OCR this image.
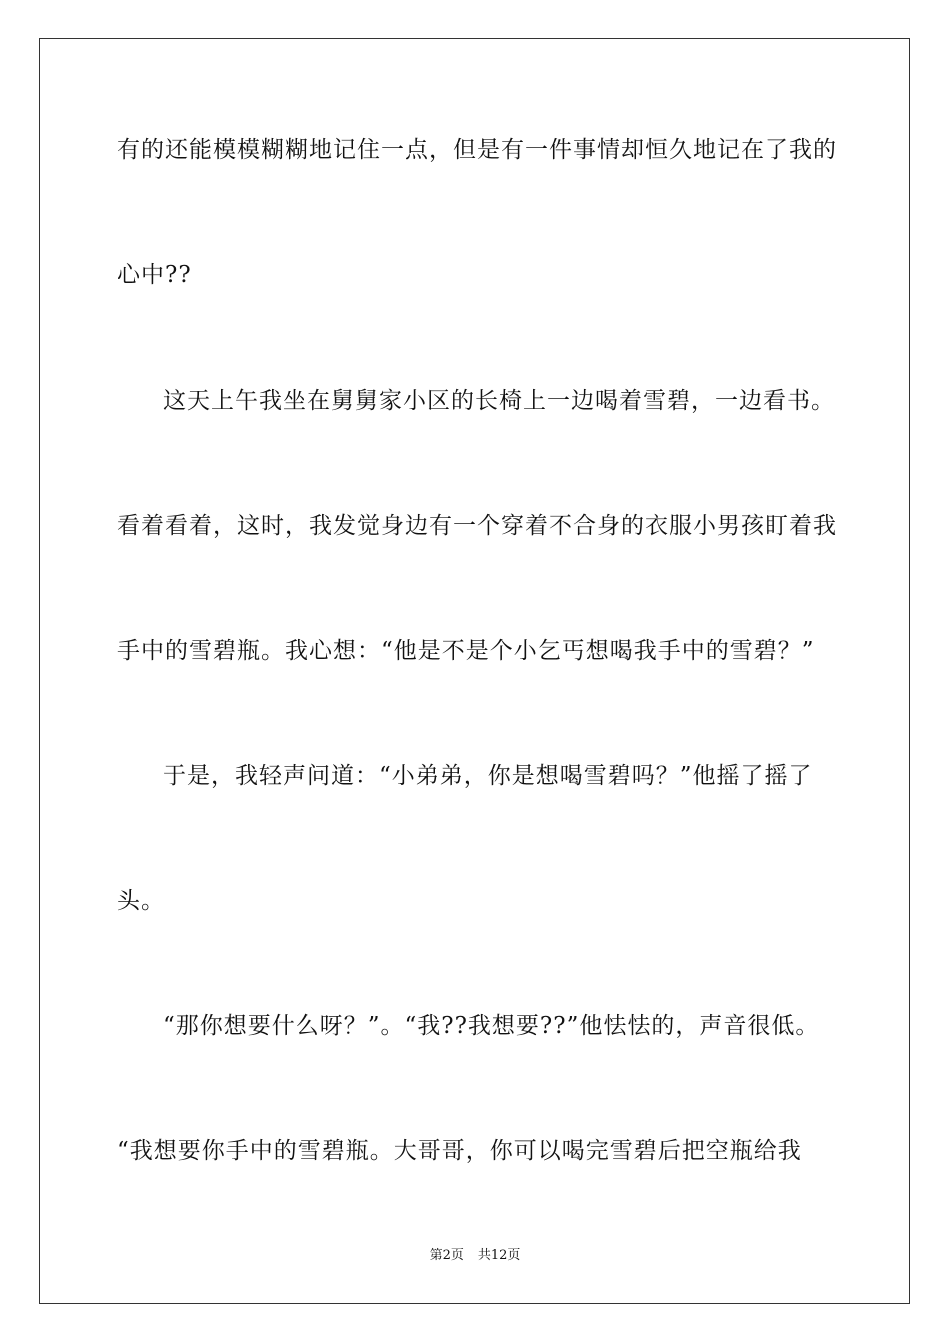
有的还能模模糊糊地记住一点，但是有一件事情却恒久地记在了我的
心中??
这天上午我坐在舅舅家小区的长椅上一边喝着雪碧，一边看书。
看着看着，这时，我发觉身边有一个穿着不合身的衣服小男孩盯着我
手中的雪碧瓶。我心想：“他是不是个小乞丐想喝我手中的雪碧？”
于是，我轻声问道：“小弟弟，你是想喝雪碧吗？”他摇了摇了
头。
“那你想要什么呀？”。“我??我想要??”他怯怯的，声音很低。
“我想要你手中的雪碧瓶。大哥哥，你可以喝完雪碧后把空瓶给我
第2页 共12页
